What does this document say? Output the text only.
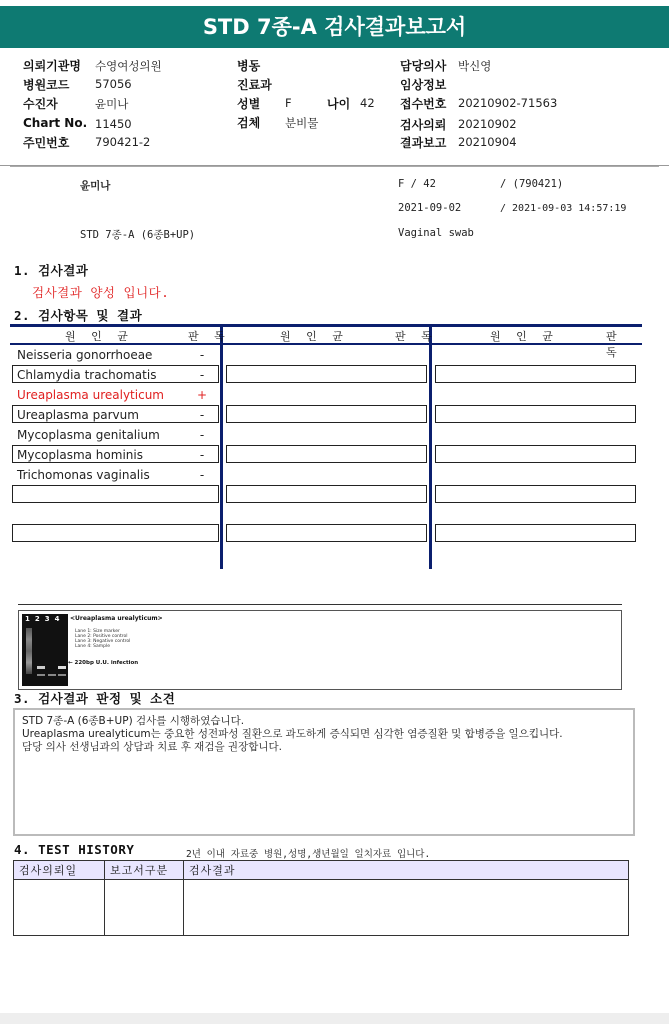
STD 7종-A 검사결과보고서
의뢰기관명 수영여성의원
병원코드 57056
수진자	윤미나
Chart No. 11450
주민번호 790421-2
병동
진료과
성별 F	나이 42
검체 분비물
담당의사 박신영
임상정보
접수번호 20210902-71563
검사의뢰 20210902
결과보고 20210904
윤미나	F / 42	/ (790421)
2021-09-02	/ 2021-09-03 14:57:19
STD 7종-A (6종B+UP)	Vaginal swab
1. 검사결과
검사결과 양성 입니다.
2. 검사항목 및 결과
원 인 균	판 독	원 인 균	판 독	원 인 균	판 독
Neisseria gonorrhoeae	-
Chlamydia trachomatis	-
Ureaplasma urealyticum	+
Ureaplasma parvum	-
Mycoplasma genitalium	-
Mycoplasma hominis	-
Trichomonas vaginalis	-
1234 <Ureaplasma urealyticum>
Lane 1: Size marker
Lane 2: Positive control
Lane 3: Negative control
Lane 4: Sample
← 220bp U.U. infection
3. 검사결과 판정 및 소견
STD 7종-A (6종B+UP) 검사를 시행하였습니다.
Ureaplasma urealyticum는 중요한 성전파성 질환으로 과도하게 증식되면 심각한 염증질환 및 합병증을 일으킵니다.
담당 의사 선생님과의 상담과 치료 후 재검을 권장합니다.
4. TEST HISTORY	2년 이내 자료중 병원,성명,생년월일 일치자료 입니다.
검사의뢰일	보고서구분	검사결과
